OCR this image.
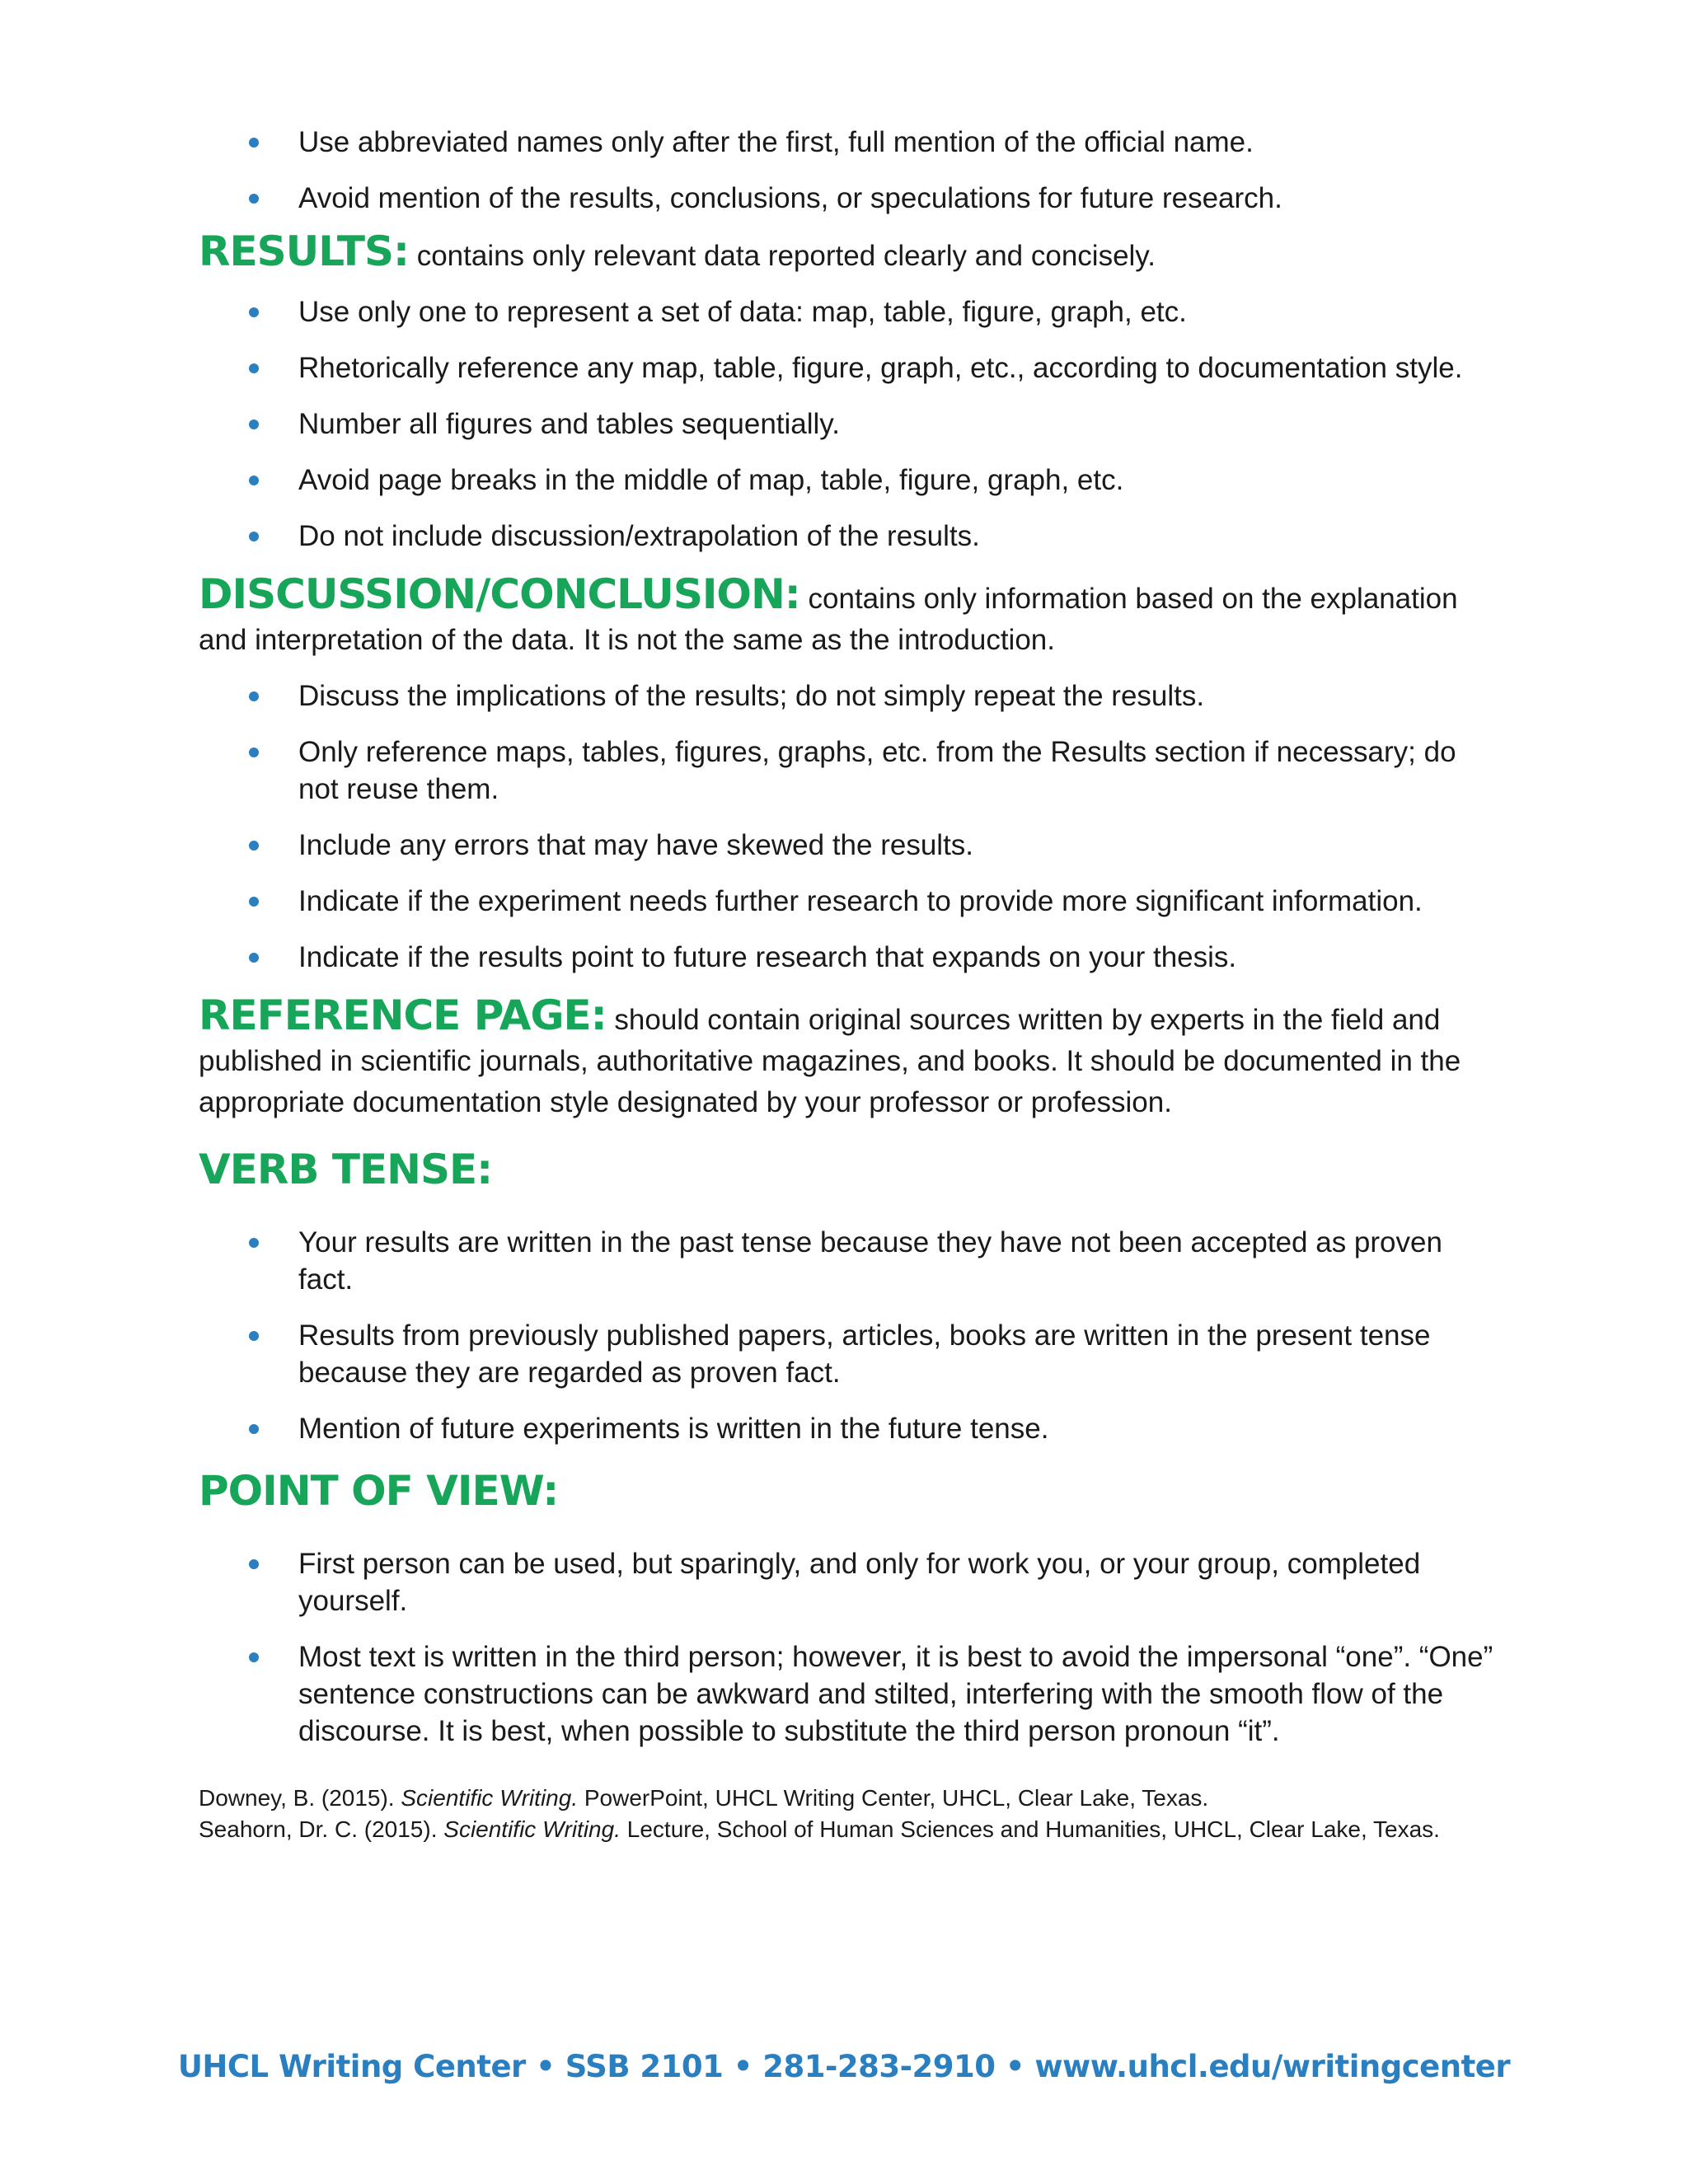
Use abbreviated names only after the first, full mention of the official name.
Avoid mention of the results, conclusions, or speculations for future research.

RESULTS: contains only relevant data reported clearly and concisely.

Use only one to represent a set of data: map, table, figure, graph, etc.
Rhetorically reference any map, table, figure, graph, etc., according to documentation style.
Number all figures and tables sequentially.
Avoid page breaks in the middle of map, table, figure, graph, etc.
Do not include discussion/extrapolation of the results.

DISCUSSION/CONCLUSION: contains only information based on the explanation and interpretation of the data. It is not the same as the introduction.

Discuss the implications of the results; do not simply repeat the results.
Only reference maps, tables, figures, graphs, etc. from the Results section if necessary; do not reuse them.
Include any errors that may have skewed the results.
Indicate if the experiment needs further research to provide more significant information.
Indicate if the results point to future research that expands on your thesis.

REFERENCE PAGE: should contain original sources written by experts in the field and published in scientific journals, authoritative magazines, and books. It should be documented in the appropriate documentation style designated by your professor or profession.

VERB TENSE:
Your results are written in the past tense because they have not been accepted as proven fact.
Results from previously published papers, articles, books are written in the present tense because they are regarded as proven fact.
Mention of future experiments is written in the future tense.
POINT OF VIEW:
First person can be used, but sparingly, and only for work you, or your group, completed yourself.
Most text is written in the third person; however, it is best to avoid the impersonal “one”. “One” sentence constructions can be awkward and stilted, interfering with the smooth flow of the discourse. It is best, when possible to substitute the third person pronoun “it”.

Downey, B. (2015). Scientific Writing. PowerPoint, UHCL Writing Center, UHCL, Clear Lake, Texas.

Seahorn, Dr. C. (2015). Scientific Writing. Lecture, School of Human Sciences and Humanities, UHCL, Clear Lake, Texas.

UHCL Writing Center • SSB 2101 • 281-283-2910 • www.uhcl.edu/writingcenter
